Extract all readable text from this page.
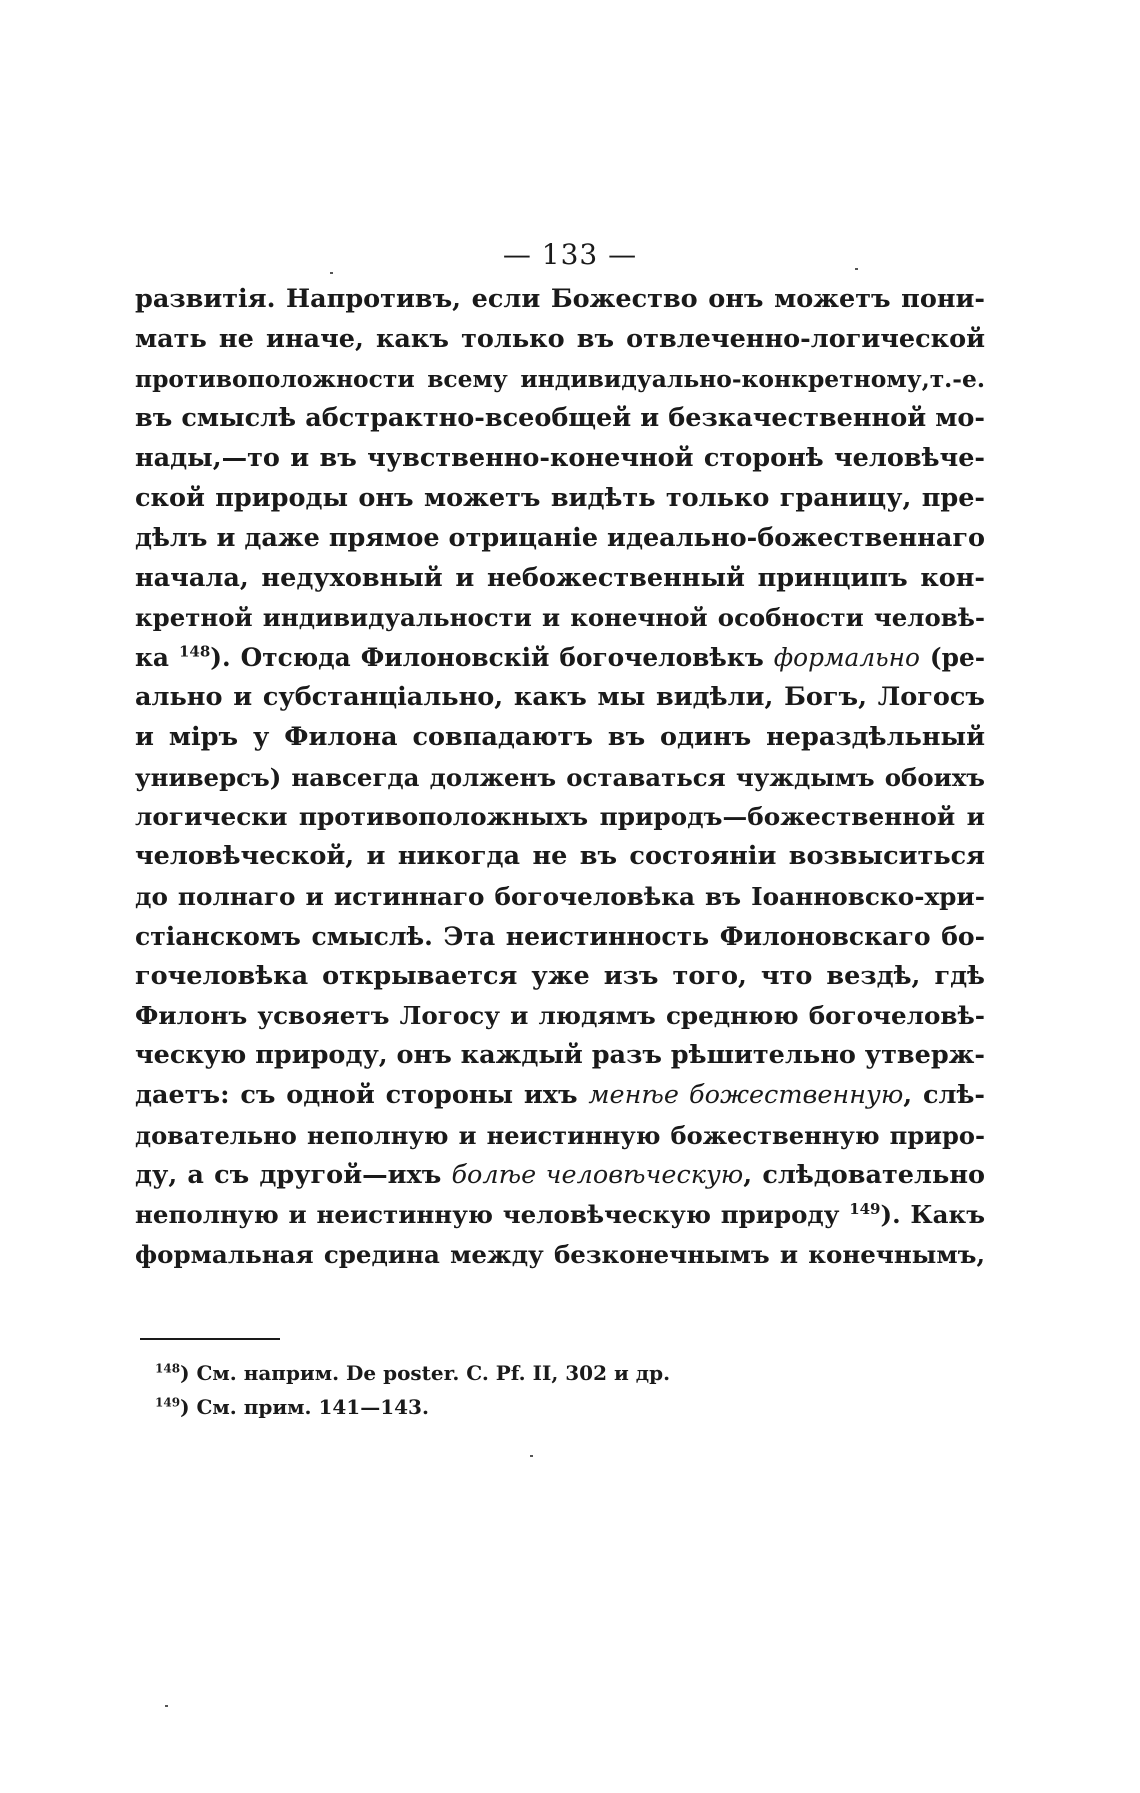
— 133 —
развитія. Напротивъ, если Божество онъ можетъ пони-
мать не иначе, какъ только въ отвлеченно-логической
противоположности всему индивидуально-конкретному,т.-е.
въ смыслѣ абстрактно-всеобщей и безкачественной мо-
нады,—то и въ чувственно-конечной сторонѣ человѣче-
ской природы онъ можетъ видѣть только границу, пре-
дѣлъ и даже прямое отрицаніе идеально-божественнаго
начала, недуховный и небожественный принципъ кон-
кретной индивидуальности и конечной особности человѣ-
ка $^{148}$). Отсюда Филоновскій богочеловѣкъ формально (ре-
ально и субстанціально, какъ мы видѣли, Богъ, Логосъ
и міръ у Филона совпадаютъ въ одинъ нераздѣльный
универсъ) навсегда долженъ оставаться чуждымъ обоихъ
логически противоположныхъ природъ—божественной и
человѣческой, и никогда не въ состояніи возвыситься
до полнаго и истиннаго богочеловѣка въ Іоанновско-хри-
стіанскомъ смыслѣ. Эта неистинность Филоновскаго бо-
гочеловѣка открывается уже изъ того, что вездѣ, гдѣ
Филонъ усвояетъ Логосу и людямъ среднюю богочеловѣ-
ческую природу, онъ каждый разъ рѣшительно утверж-
даетъ: съ одной стороны ихъ менѣе божественную, слѣ-
довательно неполную и неистинную божественную приро-
ду, а съ другой—ихъ болѣе человѣческую, слѣдовательно
неполную и неистинную человѣческую природу $^{149}$). Какъ
формальная средина между безконечнымъ и конечнымъ,
$^{148}$) См. наприм. De poster. C. Pf. II, 302 и др.
$^{149}$) См. прим. 141—143.
